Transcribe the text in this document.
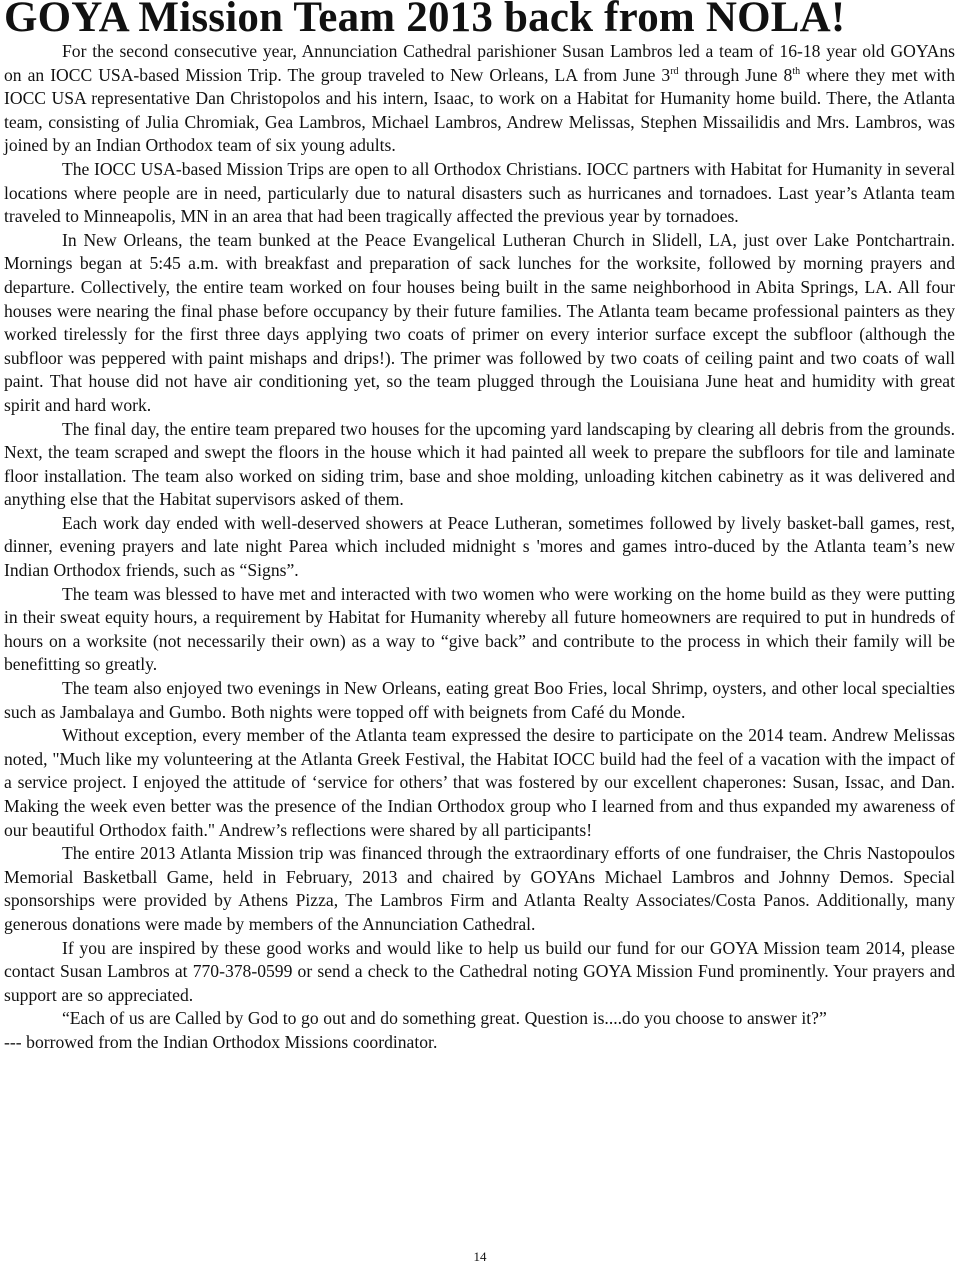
GOYA Mission Team 2013 back from NOLA!

For the second consecutive year, Annunciation Cathedral parishioner Susan Lambros led a team of 16-18 year old GOYAns on an IOCC USA-based Mission Trip. The group traveled to New Orleans, LA from June 3rd through June 8th where they met with IOCC USA representative Dan Christopolos and his intern, Isaac, to work on a Habitat for Humanity home build. There, the Atlanta team, consisting of Julia Chromiak, Gea Lambros, Michael Lambros, Andrew Melissas, Stephen Missailidis and Mrs. Lambros, was joined by an Indian Orthodox team of six young adults.

The IOCC USA-based Mission Trips are open to all Orthodox Christians. IOCC partners with Habitat for Humanity in several locations where people are in need, particularly due to natural disasters such as hurricanes and tornadoes. Last year’s Atlanta team traveled to Minneapolis, MN in an area that had been tragically affected the previous year by tornadoes.

In New Orleans, the team bunked at the Peace Evangelical Lutheran Church in Slidell, LA, just over Lake Pontchartrain. Mornings began at 5:45 a.m. with breakfast and preparation of sack lunches for the worksite, followed by morning prayers and departure. Collectively, the entire team worked on four houses being built in the same neighborhood in Abita Springs, LA. All four houses were nearing the final phase before occupancy by their future families. The Atlanta team became professional painters as they worked tirelessly for the first three days applying two coats of primer on every interior surface except the subfloor (although the subfloor was peppered with paint mishaps and drips!). The primer was followed by two coats of ceiling paint and two coats of wall paint. That house did not have air conditioning yet, so the team plugged through the Louisiana June heat and humidity with great spirit and hard work.

The final day, the entire team prepared two houses for the upcoming yard landscaping by clearing all debris from the grounds. Next, the team scraped and swept the floors in the house which it had painted all week to prepare the subfloors for tile and laminate floor installation. The team also worked on siding trim, base and shoe molding, unloading kitchen cabinetry as it was delivered and anything else that the Habitat supervisors asked of them.

Each work day ended with well-deserved showers at Peace Lutheran, sometimes followed by lively basket-ball games, rest, dinner, evening prayers and late night Parea which included midnight s 'mores and games intro-duced by the Atlanta team’s new Indian Orthodox friends, such as “Signs”.

The team was blessed to have met and interacted with two women who were working on the home build as they were putting in their sweat equity hours, a requirement by Habitat for Humanity whereby all future homeowners are required to put in hundreds of hours on a worksite (not necessarily their own) as a way to “give back” and contribute to the process in which their family will be benefitting so greatly.

The team also enjoyed two evenings in New Orleans, eating great Boo Fries, local Shrimp, oysters, and other local specialties such as Jambalaya and Gumbo. Both nights were topped off with beignets from Café du Monde.

Without exception, every member of the Atlanta team expressed the desire to participate on the 2014 team. Andrew Melissas noted, "Much like my volunteering at the Atlanta Greek Festival, the Habitat IOCC build had the feel of a vacation with the impact of a service project. I enjoyed the attitude of ‘service for others’ that was fostered by our excellent chaperones: Susan, Issac, and Dan. Making the week even better was the presence of the Indian Orthodox group who I learned from and thus expanded my awareness of our beautiful Orthodox faith." Andrew’s reflections were shared by all participants!

The entire 2013 Atlanta Mission trip was financed through the extraordinary efforts of one fundraiser, the Chris Nastopoulos Memorial Basketball Game, held in February, 2013 and chaired by GOYAns Michael Lambros and Johnny Demos. Special sponsorships were provided by Athens Pizza, The Lambros Firm and Atlanta Realty Associates/Costa Panos. Additionally, many generous donations were made by members of the Annunciation Cathedral.

If you are inspired by these good works and would like to help us build our fund for our GOYA Mission team 2014, please contact Susan Lambros at 770-378-0599 or send a check to the Cathedral noting GOYA Mission Fund prominently. Your prayers and support are so appreciated.

“Each of us are Called by God to go out and do something great. Question is....do you choose to answer it?”

--- borrowed from the Indian Orthodox Missions coordinator.

14
